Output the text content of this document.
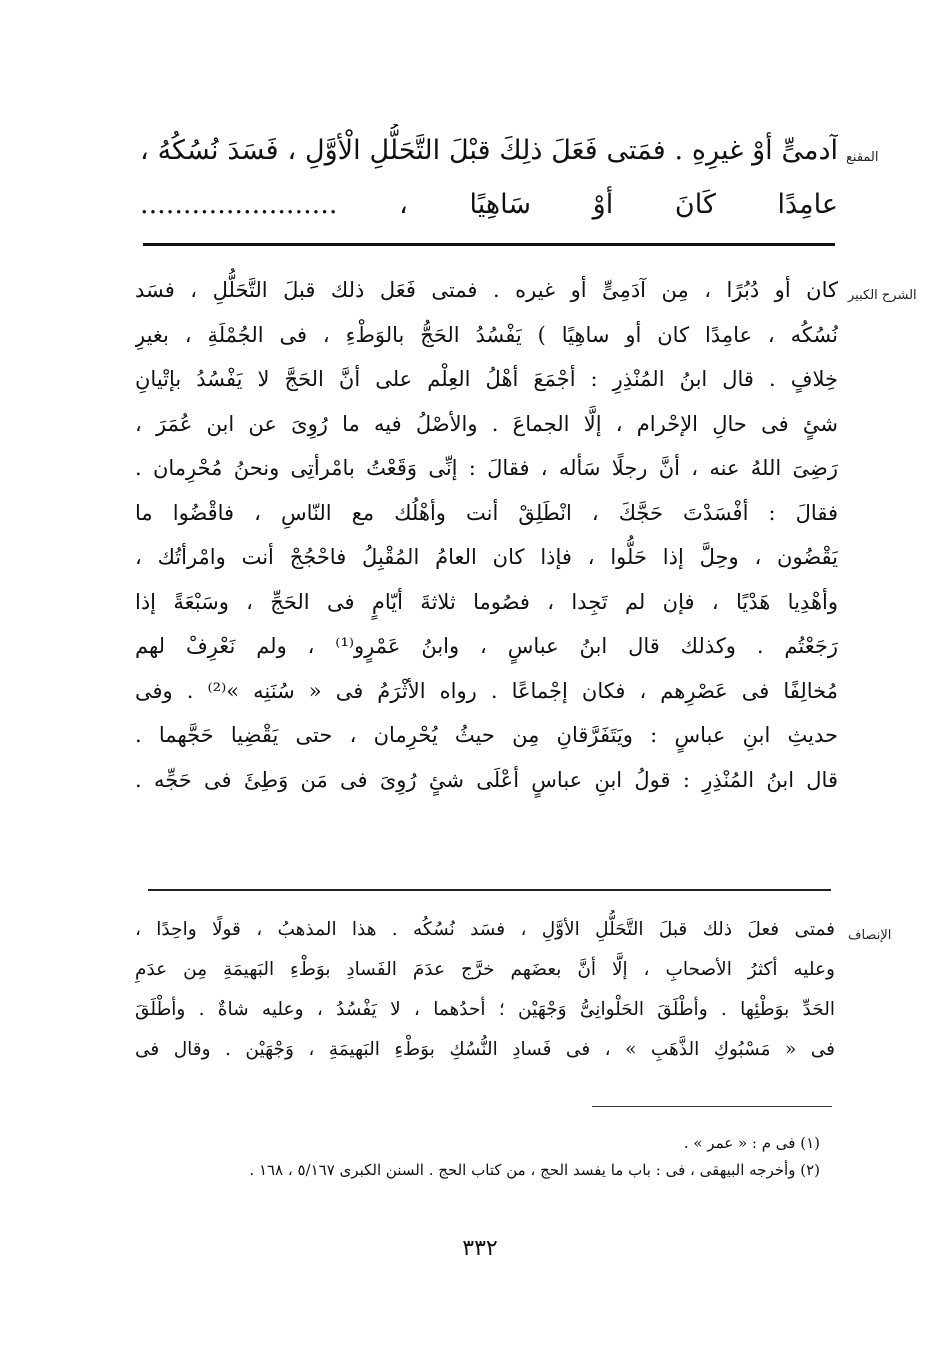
المقنع
آدمىٍّ أوْ غيرِهِ . فمَتى فَعَلَ ذلِكَ قبْلَ التَّحَلُّلِ الْأوَّلِ ، فَسَدَ نُسُكُهُ ،
عامِدًا كَانَ أوْ سَاهِيًا ، .......................
الشرح الكبير
كان أو دُبُرًا ، مِن آدَمِىٍّ أو غيره . فمتى فَعَل ذلك قبلَ التَّحَلُّلِ ، فسَد
نُسُكُه ، عامِدًا كان أو ساهِيًا ) يَفْسُدُ الحَجُّ بالوَطْءِ ، فى الجُمْلَةِ ، بغيرِ
خِلافٍ . قال ابنُ المُنْذِرِ : أجْمَعَ أهْلُ العِلْم على أنَّ الحَجَّ لا يَفْسُدُ بإتْيانِ
شئٍ فى حالِ الإحْرام ، إلَّا الجماعَ . والأصْلُ فيه ما رُوِىَ عن ابن عُمَرَ ،
رَضِىَ اللهُ عنه ، أنَّ رجلًا سَأله ، فقالَ : إنِّى وَقَعْتُ بامْرأتِى ونحنُ مُحْرِمان .
فقالَ : أفْسَدْتَ حَجَّكَ ، انْطَلِقْ أنت وأهْلُك مع النّاسِ ، فاقْضُوا ما
يَقْضُون ، وحِلَّ إذا حَلُّوا ، فإذا كان العامُ المُقْبِلُ فاحْجُجْ أنت وامْرأتُك ،
وأهْدِيا هَدْيًا ، فإن لم تَجِدا ، فصُوما ثلاثةَ أيّامٍ فى الحَجِّ ، وسَبْعَةً إذا
رَجَعْتُم . وكذلك قال ابنُ عباسٍ ، وابنُ عَمْرٍو⁽¹⁾ ، ولم نَعْرِفْ لهم
مُخالِفًا فى عَصْرِهم ، فكان إجْماعًا . رواه الأثْرَمُ فى « سُنَنِه »⁽²⁾ . وفى
حديثِ ابنِ عباسٍ : ويَتَفَرَّقانِ مِن حيثُ يُحْرِمان ، حتى يَقْضِيا حَجَّهما .
قال ابنُ المُنْذِرِ : قولُ ابنِ عباسٍ أعْلَى شئٍ رُوِىَ فى مَن وَطِئَ فى حَجِّه .
الإنصاف
فمتى فعلَ ذلك قبلَ التَّحَلُّلِ الأوَّلِ ، فسَد نُسُكُه . هذا المذهبُ ، قولًا واحِدًا ،
وعليه أكثرُ الأصحابِ ، إلَّا أنَّ بعضَهم خرَّج عدَمَ الفَسادِ بوَطْءِ البَهيمَةِ مِن عدَمِ
الحَدِّ بوَطْئِها . وأطْلَقَ الحَلْوانِىُّ وَجْهَيْن ؛ أحدُهما ، لا يَفْسُدُ ، وعليه شاةٌ . وأطْلَقَ
فى « مَسْبُوكِ الذَّهَبِ » ، فى فَسادِ النُّسُكِ بوَطْءِ البَهيمَةِ ، وَجْهَيْن . وقال فى
(١) فى م : « عمر » .
(٢) وأخرجه البيهقى ، فى : باب ما يفسد الحج ، من كتاب الحج . السنن الكبرى ٥/١٦٧ ، ١٦٨ .
٣٣٢
